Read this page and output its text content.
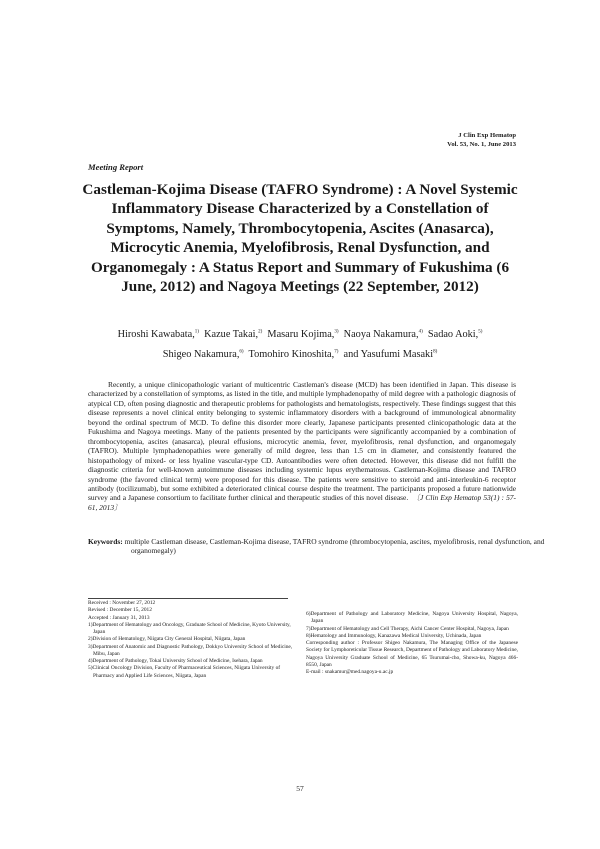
J Clin Exp Hematop
Vol. 53, No. 1, June 2013
Meeting Report
Castleman-Kojima Disease (TAFRO Syndrome) : A Novel Systemic Inflammatory Disease Characterized by a Constellation of Symptoms, Namely, Thrombocytopenia, Ascites (Anasarca), Microcytic Anemia, Myelofibrosis, Renal Dysfunction, and Organomegaly : A Status Report and Summary of Fukushima (6 June, 2012) and Nagoya Meetings (22 September, 2012)
Hiroshi Kawabata,$^{1)}$ Kazue Takai,$^{2)}$ Masaru Kojima,$^{3)}$ Naoya Nakamura,$^{4)}$ Sadao Aoki,$^{5)}$
Shigeo Nakamura,$^{6)}$ Tomohiro Kinoshita,$^{7)}$ and Yasufumi Masaki$^{8)}$
Recently, a unique clinicopathologic variant of multicentric Castleman's disease (MCD) has been identified in Japan. This disease is characterized by a constellation of symptoms, as listed in the title, and multiple lymphadenopathy of mild degree with a pathologic diagnosis of atypical CD, often posing diagnostic and therapeutic problems for pathologists and hematologists, respectively. These findings suggest that this disease represents a novel clinical entity belonging to systemic inflammatory disorders with a background of immunological abnormality beyond the ordinal spectrum of MCD. To define this disorder more clearly, Japanese participants presented clinicopathologic data at the Fukushima and Nagoya meetings. Many of the patients presented by the participants were significantly accompanied by a combination of thrombocytopenia, ascites (anasarca), pleural effusions, microcytic anemia, fever, myelofibrosis, renal dysfunction, and organomegaly (TAFRO). Multiple lymphadenopathies were generally of mild degree, less than 1.5 cm in diameter, and consistently featured the histopathology of mixed- or less hyaline vascular-type CD. Autoantibodies were often detected. However, this disease did not fulfill the diagnostic criteria for well-known autoimmune diseases including systemic lupus erythematosus. Castleman-Kojima disease and TAFRO syndrome (the favored clinical term) were proposed for this disease. The patients were sensitive to steroid and anti-interleukin-6 receptor antibody (tocilizumab), but some exhibited a deteriorated clinical course despite the treatment. The participants proposed a future nationwide survey and a Japanese consortium to facilitate further clinical and therapeutic studies of this novel disease. 〔J Clin Exp Hematop 53(1) : 57-61, 2013〕
Keywords: multiple Castleman disease, Castleman-Kojima disease, TAFRO syndrome (thrombocytopenia, ascites, myelofibrosis, renal dysfunction, and organomegaly)
Received : November 27, 2012
Revised : December 15, 2012
Accepted : January 31, 2013
1)Department of Hematology and Oncology, Graduate School of Medicine, Kyoto University, Japan
2)Division of Hematology, Niigata City General Hospital, Niigata, Japan
3)Department of Anatomic and Diagnostic Pathology, Dokkyo University School of Medicine, Mibu, Japan
4)Department of Pathology, Tokai University School of Medicine, Isehara, Japan
5)Clinical Oncology Division, Faculty of Pharmaceutical Sciences, Niigata University of Pharmacy and Applied Life Sciences, Niigata, Japan
6)Department of Pathology and Laboratory Medicine, Nagoya University Hospital, Nagoya, Japan
7)Department of Hematology and Cell Therapy, Aichi Cancer Center Hospital, Nagoya, Japan
8)Hematology and Immunology, Kanazawa Medical University, Uchinada, Japan
Corresponding author : Professor Shigeo Nakamura, The Managing Office of the Japanese Society for Lymphoreticular Tissue Research, Department of Pathology and Laboratory Medicine, Nagoya University Graduate School of Medicine, 65 Tsurumai-cho, Showa-ku, Nagoya 466-8550, Japan
E-mail : snakamur@med.nagoya-u.ac.jp
57
